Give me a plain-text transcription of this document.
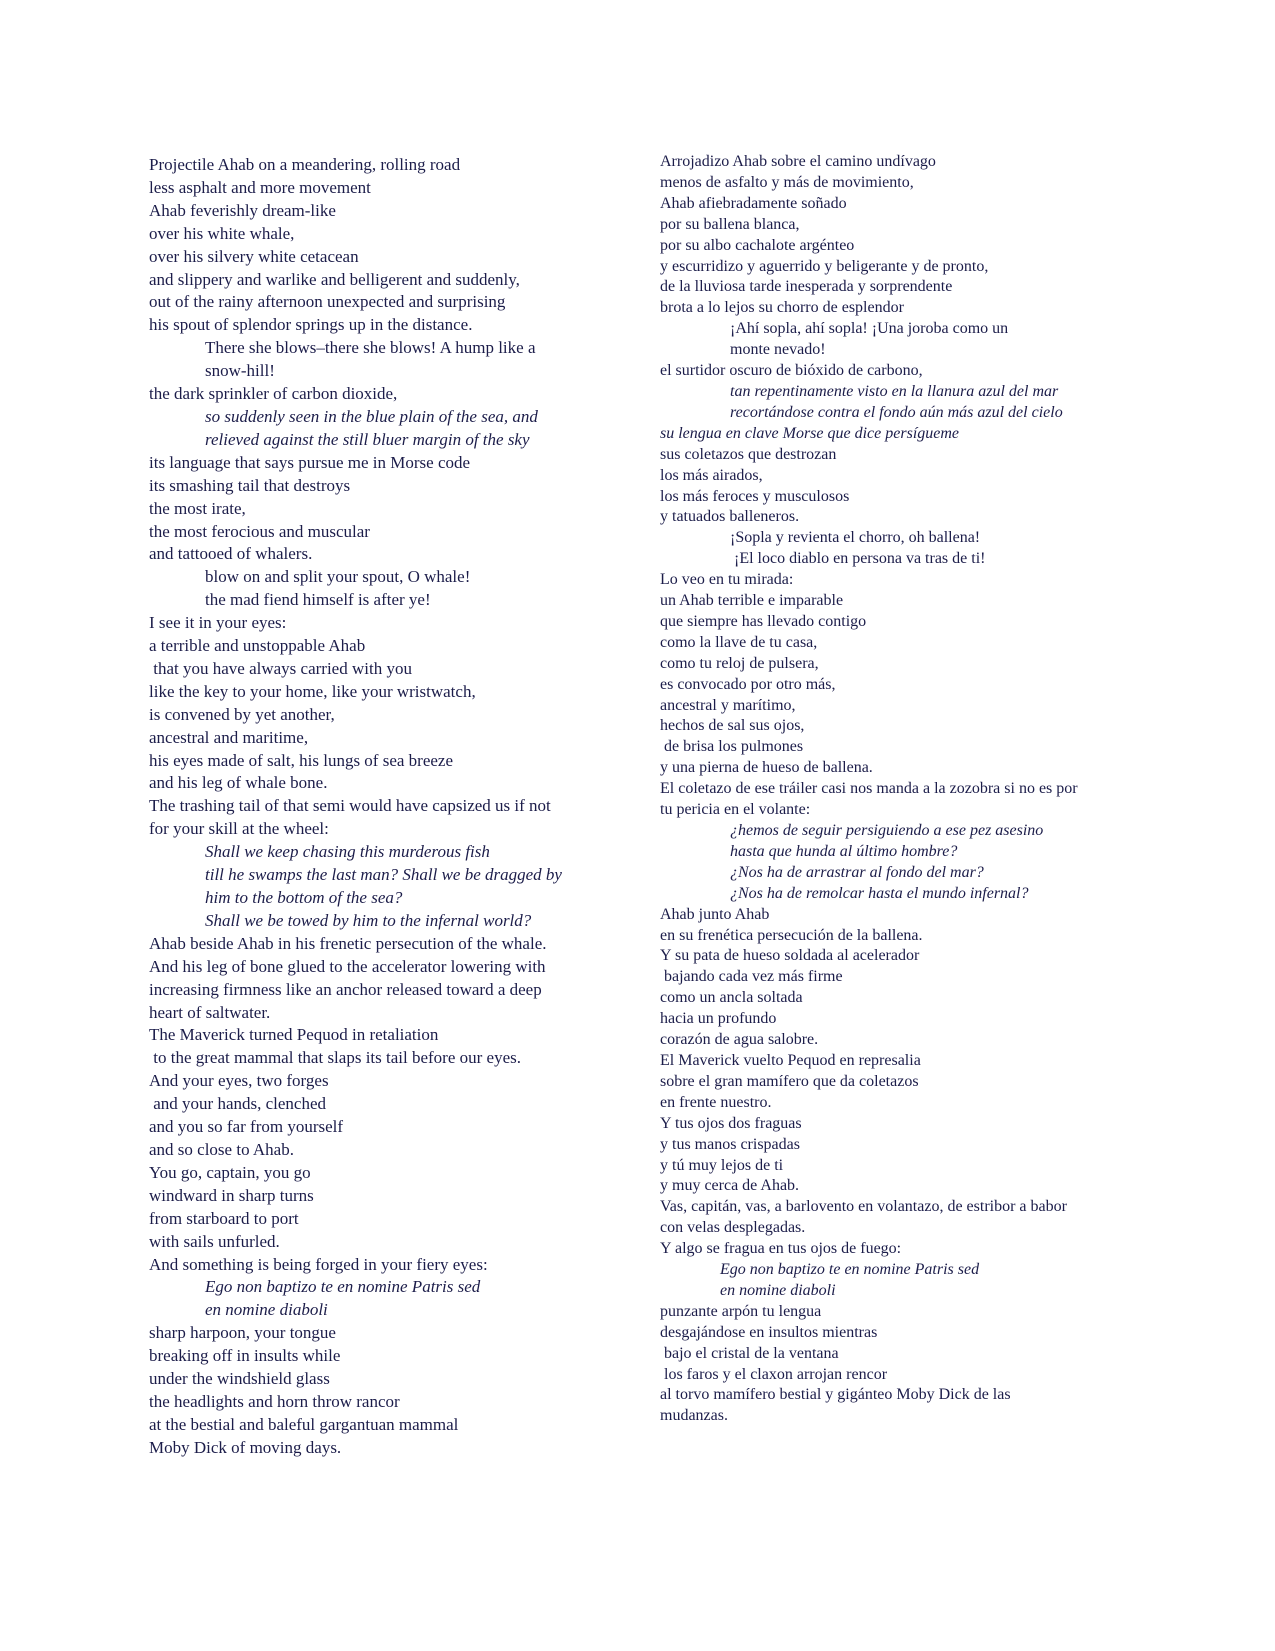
Projectile Ahab on a meandering, rolling road
less asphalt and more movement
Ahab feverishly dream-like
over his white whale,
over his silvery white cetacean
and slippery and warlike and belligerent and suddenly,
out of the rainy afternoon unexpected and surprising
his spout of splendor springs up in the distance.
There she blows–there she blows! A hump like a
snow-hill!
the dark sprinkler of carbon dioxide,
so suddenly seen in the blue plain of the sea, and
relieved against the still bluer margin of the sky
its language that says pursue me in Morse code
its smashing tail that destroys
the most irate,
the most ferocious and muscular
and tattooed of whalers.
blow on and split your spout, O whale!
the mad fiend himself is after ye!
I see it in your eyes:
a terrible and unstoppable Ahab
that you have always carried with you
like the key to your home, like your wristwatch,
is convened by yet another,
ancestral and maritime,
his eyes made of salt, his lungs of sea breeze
and his leg of whale bone.
The trashing tail of that semi would have capsized us if not
for your skill at the wheel:
Shall we keep chasing this murderous fish
till he swamps the last man? Shall we be dragged by
him to the bottom of the sea?
Shall we be towed by him to the infernal world?
Ahab beside Ahab in his frenetic persecution of the whale.
And his leg of bone glued to the accelerator lowering with
increasing firmness like an anchor released toward a deep
heart of saltwater.
The Maverick turned Pequod in retaliation
to the great mammal that slaps its tail before our eyes.
And your eyes, two forges
and your hands, clenched
and you so far from yourself
and so close to Ahab.
You go, captain, you go
windward in sharp turns
from starboard to port
with sails unfurled.
And something is being forged in your fiery eyes:
Ego non baptizo te en nomine Patris sed
en nomine diaboli
sharp harpoon, your tongue
breaking off in insults while
under the windshield glass
the headlights and horn throw rancor
at the bestial and baleful gargantuan mammal
Moby Dick of moving days.
Arrojadizo Ahab sobre el camino undívago
menos de asfalto y más de movimiento,
Ahab afiebradamente soñado
por su ballena blanca,
por su albo cachalote argénteo
y escurridizo y aguerrido y beligerante y de pronto,
de la lluviosa tarde inesperada y sorprendente
brota a lo lejos su chorro de esplendor
¡Ahí sopla, ahí sopla! ¡Una joroba como un
monte nevado!
el surtidor oscuro de bióxido de carbono,
tan repentinamente visto en la llanura azul del mar
recortándose contra el fondo aún más azul del cielo
su lengua en clave Morse que dice persígueme
sus coletazos que destrozan
los más airados,
los más feroces y musculosos
y tatuados balleneros.
¡Sopla y revienta el chorro, oh ballena!
¡El loco diablo en persona va tras de ti!
Lo veo en tu mirada:
un Ahab terrible e imparable
que siempre has llevado contigo
como la llave de tu casa,
como tu reloj de pulsera,
es convocado por otro más,
ancestral y marítimo,
hechos de sal sus ojos,
de brisa los pulmones
y una pierna de hueso de ballena.
El coletazo de ese tráiler casi nos manda a la zozobra si no es por
tu pericia en el volante:
¿hemos de seguir persiguiendo a ese pez asesino
hasta que hunda al último hombre?
¿Nos ha de arrastrar al fondo del mar?
¿Nos ha de remolcar hasta el mundo infernal?
Ahab junto Ahab
en su frenética persecución de la ballena.
Y su pata de hueso soldada al acelerador
bajando cada vez más firme
como un ancla soltada
hacia un profundo
corazón de agua salobre.
El Maverick vuelto Pequod en represalia
sobre el gran mamífero que da coletazos
en frente nuestro.
Y tus ojos dos fraguas
y tus manos crispadas
y tú muy lejos de ti
y muy cerca de Ahab.
Vas, capitán, vas, a barlovento en volantazo, de estribor a babor
con velas desplegadas.
Y algo se fragua en tus ojos de fuego:
Ego non baptizo te en nomine Patris sed
en nomine diaboli
punzante arpón tu lengua
desgajándose en insultos mientras
bajo el cristal de la ventana
los faros y el claxon arrojan rencor
al torvo mamífero bestial y gigánteo Moby Dick de las
mudanzas.
